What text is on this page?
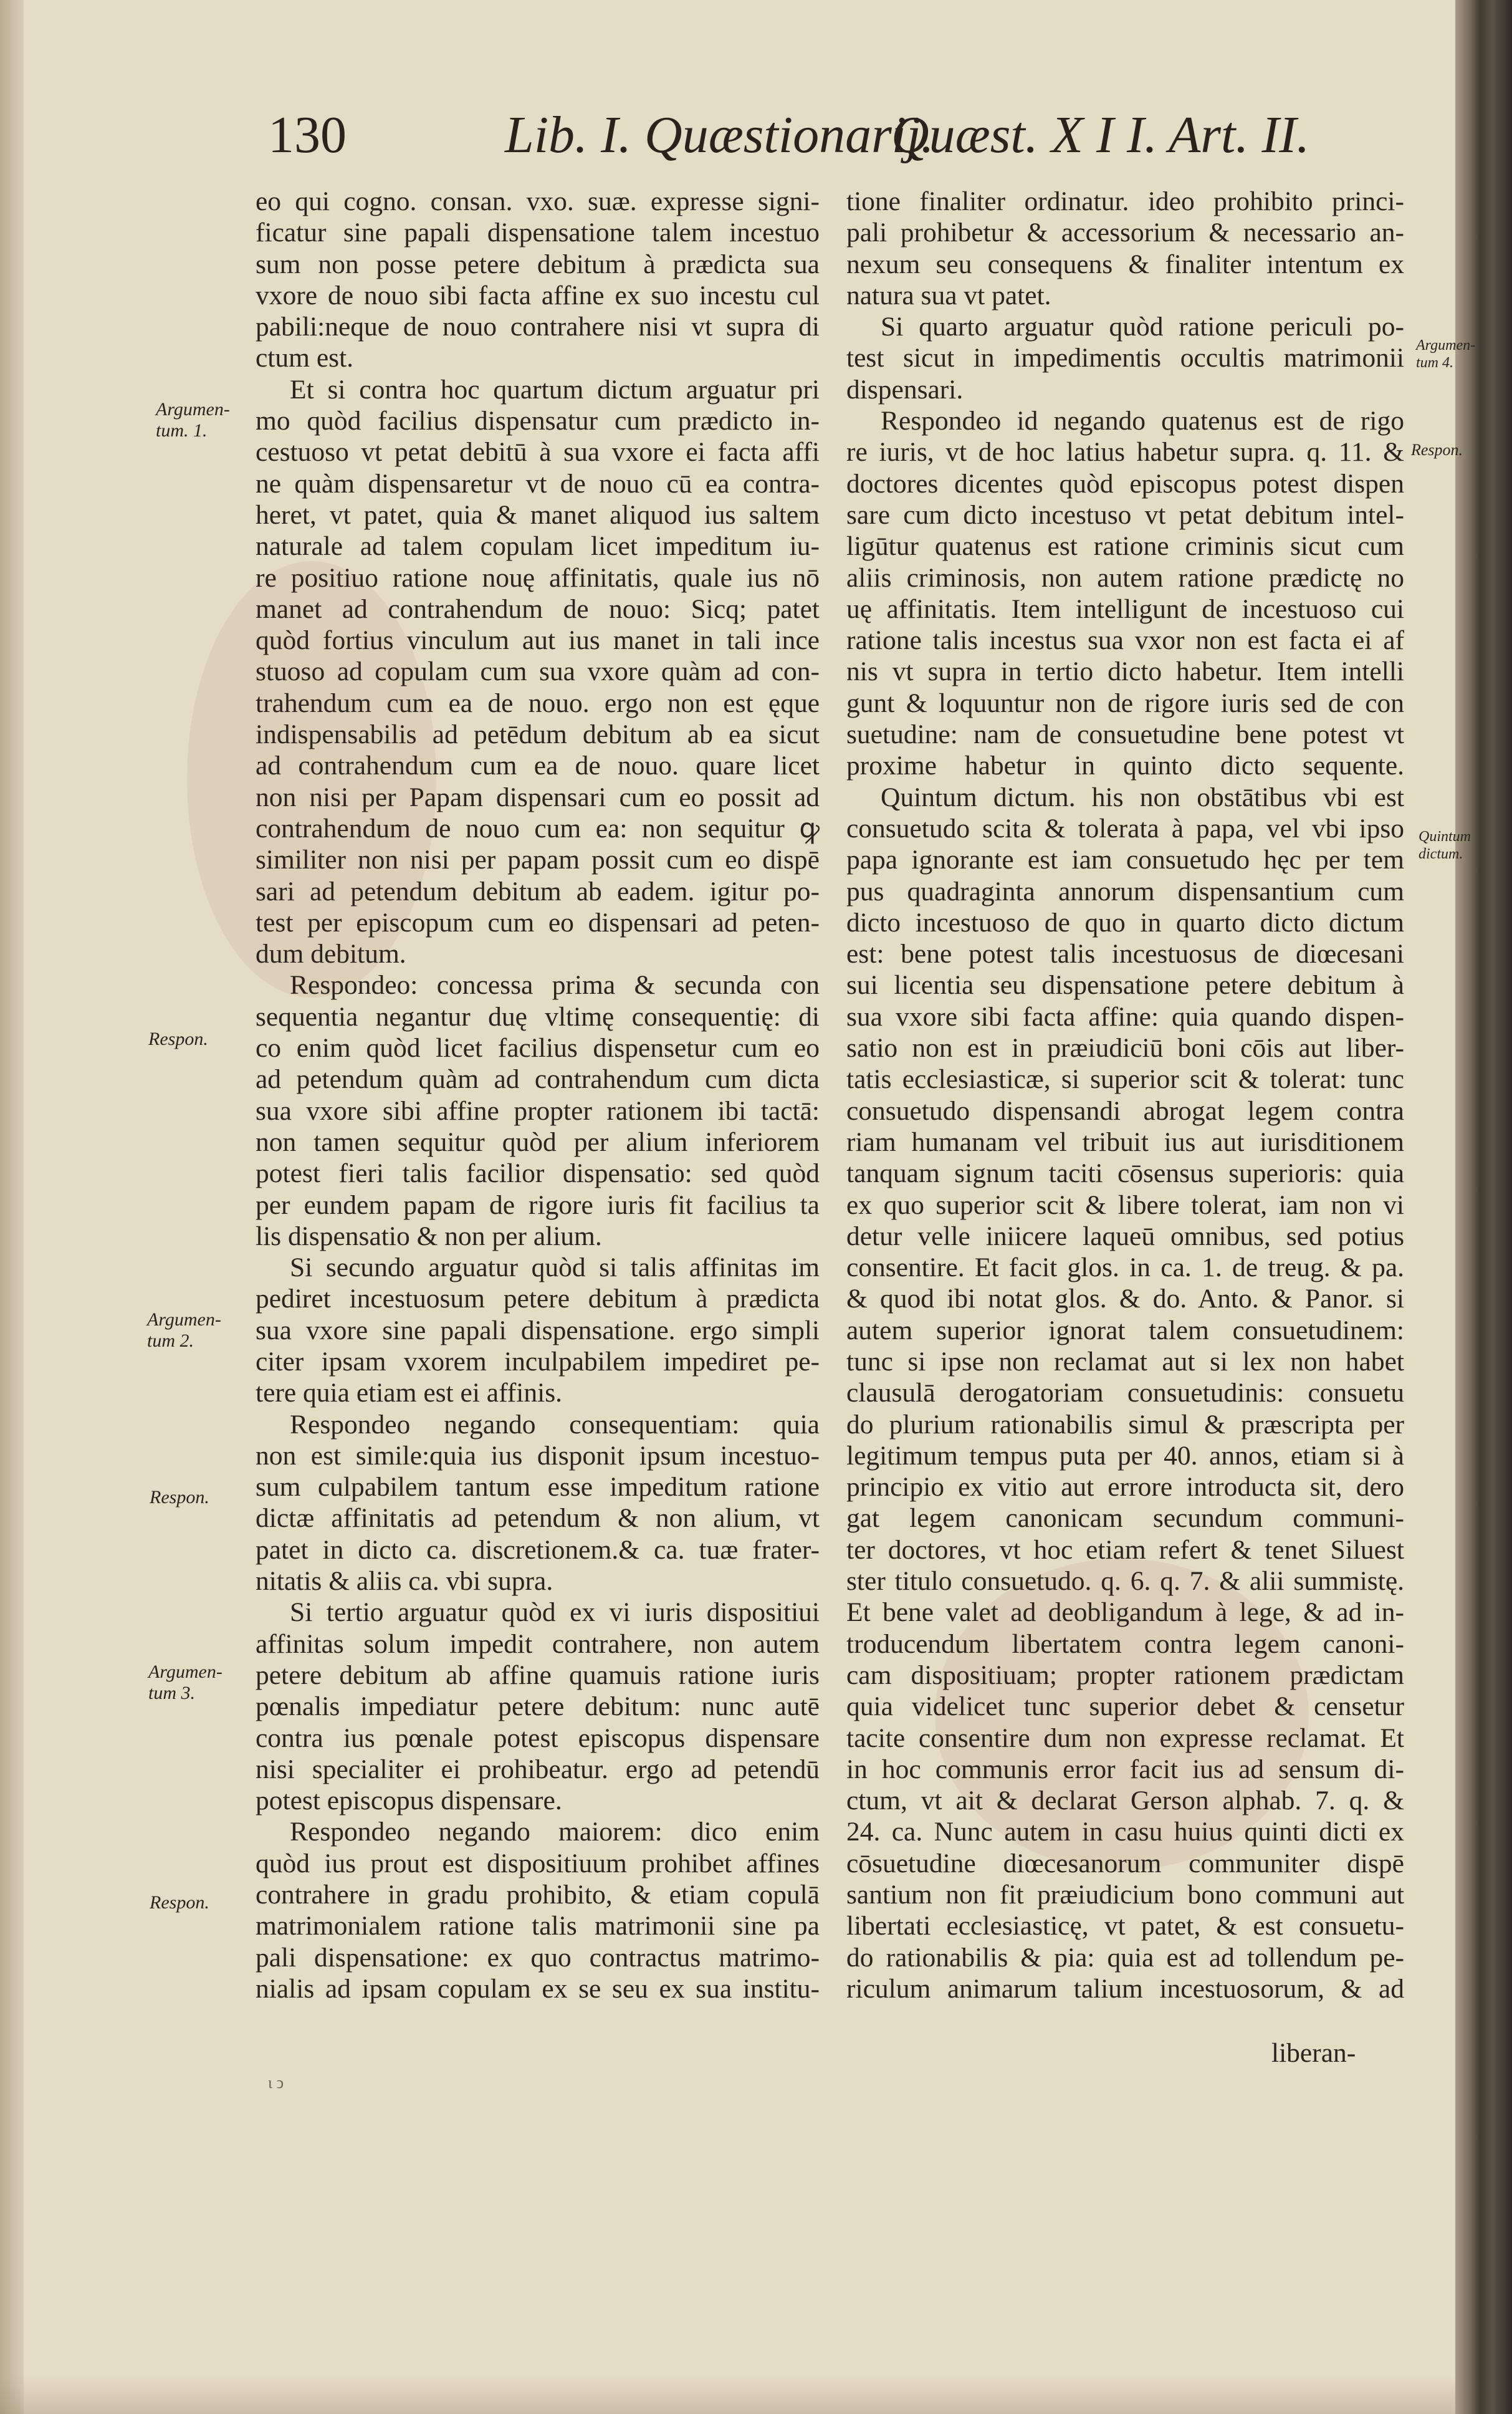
130	Lib. I. Quæstionarij.
Quæst. X I I. Art. II.
eo qui cogno. consan. vxo. suæ. expresse signi-
ficatur sine papali dispensatione talem incestuo
sum non posse petere debitum à prædicta sua
vxore de nouo sibi facta affine ex suo incestu cul
pabili:neque de nouo contrahere nisi vt supra di
ctum est.
Et si contra hoc quartum dictum arguatur pri
mo quòd facilius dispensatur cum prædicto in-
cestuoso vt petat debitū à sua vxore ei facta affi
ne quàm dispensaretur vt de nouo cū ea contra-
heret, vt patet, quia & manet aliquod ius saltem
naturale ad talem copulam licet impeditum iu-
re positiuo ratione nouę affinitatis, quale ius nō
manet ad contrahendum de nouo: Sicq; patet
quòd fortius vinculum aut ius manet in tali ince
stuoso ad copulam cum sua vxore quàm ad con-
trahendum cum ea de nouo. ergo non est ęque
indispensabilis ad petēdum debitum ab ea sicut
ad contrahendum cum ea de nouo. quare licet
non nisi per Papam dispensari cum eo possit ad
contrahendum de nouo cum ea: non sequitur ꝙ
similiter non nisi per papam possit cum eo dispē
sari ad petendum debitum ab eadem. igitur po-
test per episcopum cum eo dispensari ad peten-
dum debitum.
Respondeo: concessa prima & secunda con
sequentia negantur duę vltimę consequentię: di
co enim quòd licet facilius dispensetur cum eo
ad petendum quàm ad contrahendum cum dicta
sua vxore sibi affine propter rationem ibi tactā:
non tamen sequitur quòd per alium inferiorem
potest fieri talis facilior dispensatio: sed quòd
per eundem papam de rigore iuris fit facilius ta
lis dispensatio & non per alium.
Si secundo arguatur quòd si talis affinitas im
pediret incestuosum petere debitum à prædicta
sua vxore sine papali dispensatione. ergo simpli
citer ipsam vxorem inculpabilem impediret pe-
tere quia etiam est ei affinis.
Respondeo negando consequentiam: quia
non est simile:quia ius disponit ipsum incestuo-
sum culpabilem tantum esse impeditum ratione
dictæ affinitatis ad petendum & non alium, vt
patet in dicto ca. discretionem.& ca. tuæ frater-
nitatis & aliis ca. vbi supra.
Si tertio arguatur quòd ex vi iuris dispositiui
affinitas solum impedit contrahere, non autem
petere debitum ab affine quamuis ratione iuris
pœnalis impediatur petere debitum: nunc autē
contra ius pœnale potest episcopus dispensare
nisi specialiter ei prohibeatur. ergo ad petendū
potest episcopus dispensare.
Respondeo negando maiorem: dico enim
quòd ius prout est dispositiuum prohibet affines
contrahere in gradu prohibito, & etiam copulā
matrimonialem ratione talis matrimonii sine pa
pali dispensatione: ex quo contractus matrimo-
nialis ad ipsam copulam ex se seu ex sua institu-
tione finaliter ordinatur. ideo prohibito princi-
pali prohibetur & accessorium & necessario an-
nexum seu consequens & finaliter intentum ex
natura sua vt patet.
Si quarto arguatur quòd ratione periculi po-
test sicut in impedimentis occultis matrimonii
dispensari.
Respondeo id negando quatenus est de rigo
re iuris, vt de hoc latius habetur supra. q. 11. &
doctores dicentes quòd episcopus potest dispen
sare cum dicto incestuso vt petat debitum intel-
ligūtur quatenus est ratione criminis sicut cum
aliis criminosis, non autem ratione prædictę no
uę affinitatis. Item intelligunt de incestuoso cui
ratione talis incestus sua vxor non est facta ei af
nis vt supra in tertio dicto habetur. Item intelli
gunt & loquuntur non de rigore iuris sed de con
suetudine: nam de consuetudine bene potest vt
proxime habetur in quinto dicto sequente.
Quintum dictum. his non obstātibus vbi est
consuetudo scita & tolerata à papa, vel vbi ipso
papa ignorante est iam consuetudo hęc per tem
pus quadraginta annorum dispensantium cum
dicto incestuoso de quo in quarto dicto dictum
est: bene potest talis incestuosus de diœcesani
sui licentia seu dispensatione petere debitum à
sua vxore sibi facta affine: quia quando dispen-
satio non est in præiudiciū boni cōis aut liber-
tatis ecclesiasticæ, si superior scit & tolerat: tunc
consuetudo dispensandi abrogat legem contra
riam humanam vel tribuit ius aut iurisditionem
tanquam signum taciti cōsensus superioris: quia
ex quo superior scit & libere tolerat, iam non vi
detur velle iniicere laqueū omnibus, sed potius
consentire. Et facit glos. in ca. 1. de treug. & pa.
& quod ibi notat glos. & do. Anto. & Panor. si
autem superior ignorat talem consuetudinem:
tunc si ipse non reclamat aut si lex non habet
clausulā derogatoriam consuetudinis: consuetu
do plurium rationabilis simul & præscripta per
legitimum tempus puta per 40. annos, etiam si à
principio ex vitio aut errore introducta sit, dero
gat legem canonicam secundum communi-
ter doctores, vt hoc etiam refert & tenet Siluest
ster titulo consuetudo. q. 6. q. 7. & alii summistę.
Et bene valet ad deobligandum à lege, & ad in-
troducendum libertatem contra legem canoni-
cam dispositiuam; propter rationem prædictam
quia videlicet tunc superior debet & censetur
tacite consentire dum non expresse reclamat. Et
in hoc communis error facit ius ad sensum di-
ctum, vt ait & declarat Gerson alphab. 7. q. &
24. ca. Nunc autem in casu huius quinti dicti ex
cōsuetudine diœcesanorum communiter dispē
santium non fit præiudicium bono communi aut
libertati ecclesiasticę, vt patet, & est consuetu-
do rationabilis & pia: quia est ad tollendum pe-
riculum animarum talium incestuosorum, & ad
Argumen-
tum. 1.
Respon.
Argumen-
tum 2.
Respon.
Argumen-
tum 3.
Respon.
Argumen-
tum 4.
Respon.
Quintum
dictum.
liberan-
ι ͻ
